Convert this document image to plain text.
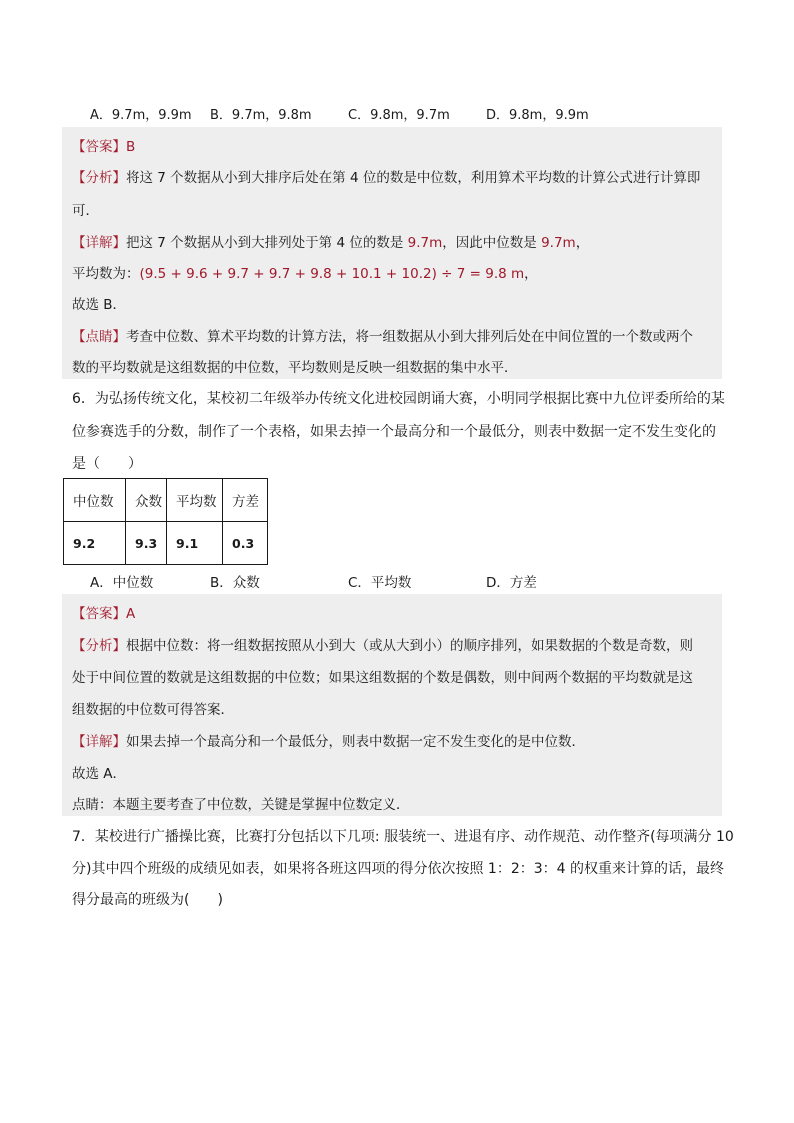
A．9.7m，9.9m B．9.7m，9.8m	C．9.8m，9.7m	D．9.8m，9.9m
【答案】B
【分析】将这 7 个数据从小到大排序后处在第 4 位的数是中位数，利用算术平均数的计算公式进行计算即
可．
【详解】把这 7 个数据从小到大排列处于第 4 位的数是 9.7m，因此中位数是 9.7m，
平均数为：(9.5 + 9.6 + 9.7 + 9.7 + 9.8 + 10.1 + 10.2) ÷ 7 = 9.8 m，
故选 B．
【点睛】考查中位数、算术平均数的计算方法，将一组数据从小到大排列后处在中间位置的一个数或两个
数的平均数就是这组数据的中位数，平均数则是反映一组数据的集中水平．
6．为弘扬传统文化，某校初二年级举办传统文化进校园朗诵大赛，小明同学根据比赛中九位评委所给的某
位参赛选手的分数，制作了一个表格，如果去掉一个最高分和一个最低分，则表中数据一定不发生变化的
是（　　）
中位数	众数	平均数	方差
9.2	9.3	9.1	0.3
A．中位数	B．众数	C．平均数	D．方差
【答案】A
【分析】根据中位数：将一组数据按照从小到大（或从大到小）的顺序排列，如果数据的个数是奇数，则
处于中间位置的数就是这组数据的中位数；如果这组数据的个数是偶数，则中间两个数据的平均数就是这
组数据的中位数可得答案．
【详解】如果去掉一个最高分和一个最低分，则表中数据一定不发生变化的是中位数．
故选 A．
点睛：本题主要考查了中位数，关键是掌握中位数定义．
7．某校进行广播操比赛，比赛打分包括以下几项: 服装统一、进退有序、动作规范、动作整齐(每项满分 10
分)其中四个班级的成绩见如表，如果将各班这四项的得分依次按照 1：2：3：4 的权重来计算的话，最终
得分最高的班级为(　　)
